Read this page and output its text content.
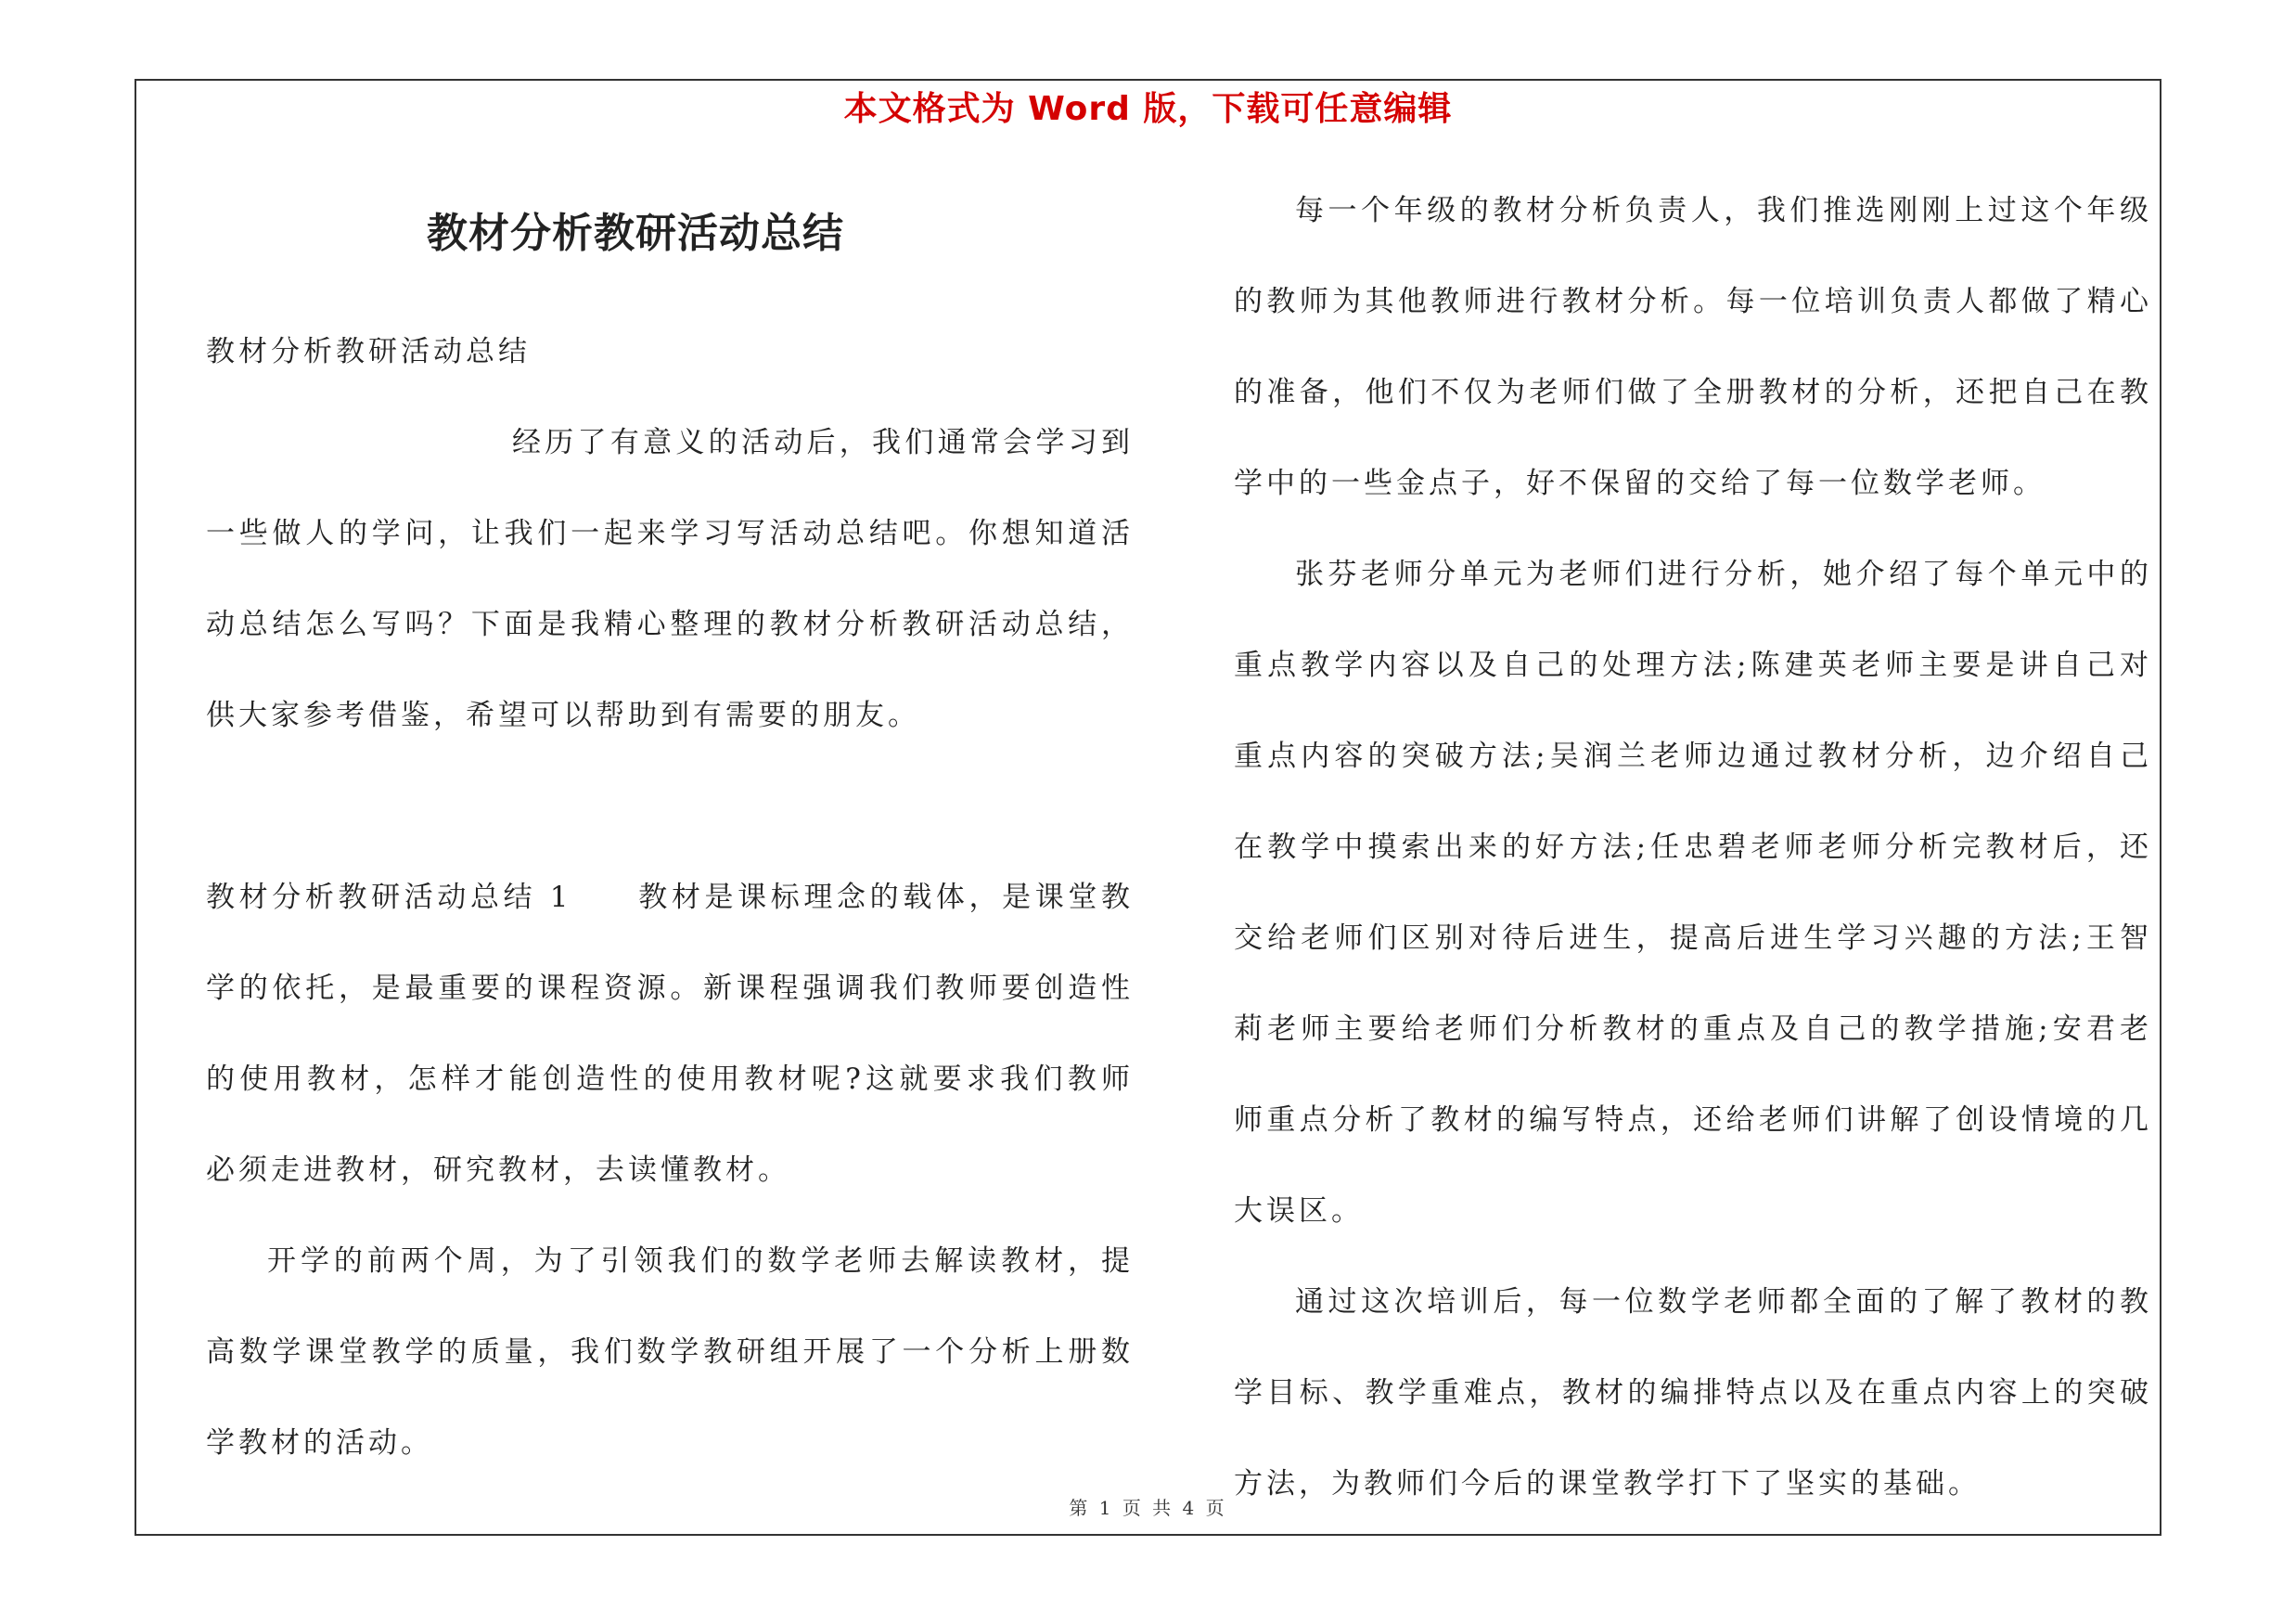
本文格式为 Word 版，下载可任意编辑
教材分析教研活动总结

教材分析教研活动总结

经历了有意义的活动后，我们通常会学习到一些做人的学问，让我们一起来学习写活动总结吧。你想知道活动总结怎么写吗？下面是我精心整理的教材分析教研活动总结，供大家参考借鉴，希望可以帮助到有需要的朋友。

教材分析教研活动总结 1　　教材是课标理念的载体，是课堂教学的依托，是最重要的课程资源。新课程强调我们教师要创造性的使用教材，怎样才能创造性的使用教材呢?这就要求我们教师必须走进教材，研究教材，去读懂教材。

开学的前两个周，为了引领我们的数学老师去解读教材，提高数学课堂教学的质量，我们数学教研组开展了一个分析上册数学教材的活动。

每一个年级的教材分析负责人，我们推选刚刚上过这个年级的教师为其他教师进行教材分析。每一位培训负责人都做了精心的准备，他们不仅为老师们做了全册教材的分析，还把自己在教学中的一些金点子，好不保留的交给了每一位数学老师。

张芬老师分单元为老师们进行分析，她介绍了每个单元中的重点教学内容以及自己的处理方法;陈建英老师主要是讲自己对重点内容的突破方法;吴润兰老师边通过教材分析，边介绍自己在教学中摸索出来的好方法;任忠碧老师老师分析完教材后，还交给老师们区别对待后进生，提高后进生学习兴趣的方法;王智莉老师主要给老师们分析教材的重点及自己的教学措施;安君老师重点分析了教材的编写特点，还给老师们讲解了创设情境的几大误区。

通过这次培训后，每一位数学老师都全面的了解了教材的教学目标、教学重难点，教材的编排特点以及在重点内容上的突破方法，为教师们今后的课堂教学打下了坚实的基础。

第 1 页 共 4 页
